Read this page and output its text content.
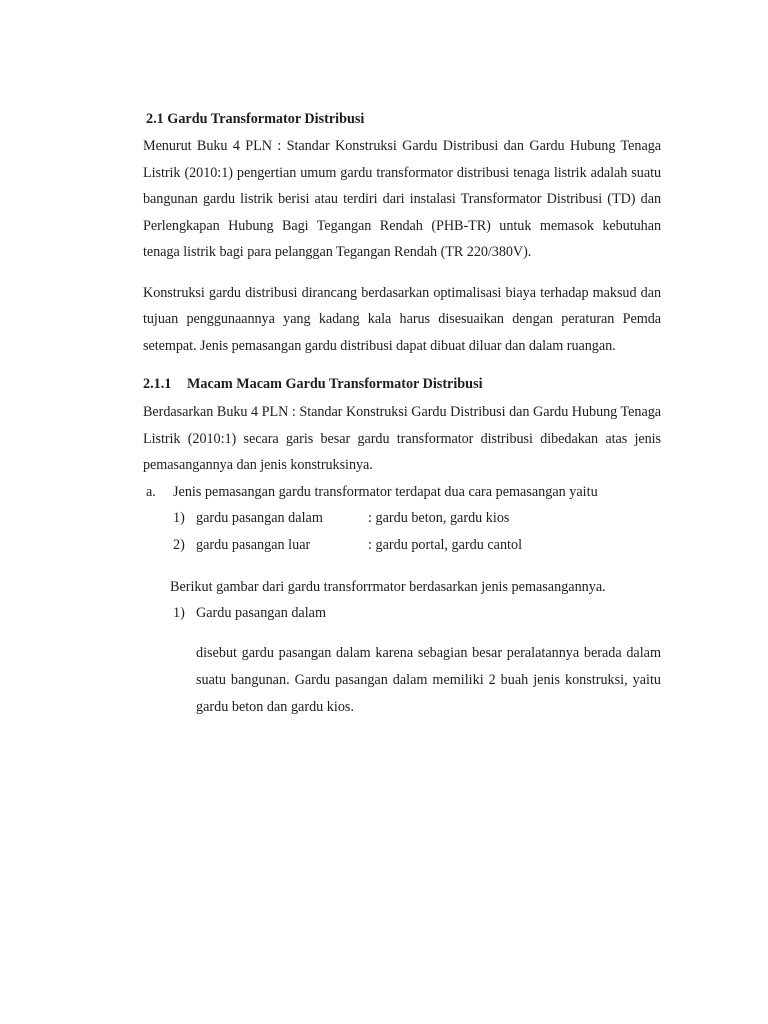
2.1 Gardu Transformator Distribusi

Menurut Buku 4 PLN : Standar Konstruksi Gardu Distribusi dan Gardu Hubung Tenaga Listrik (2010:1) pengertian umum gardu transformator distribusi tenaga listrik adalah suatu bangunan gardu listrik berisi atau terdiri dari instalasi Transformator Distribusi (TD) dan Perlengkapan Hubung Bagi Tegangan Rendah (PHB-TR) untuk memasok kebutuhan tenaga listrik bagi para pelanggan Tegangan Rendah (TR 220/380V).

Konstruksi gardu distribusi dirancang berdasarkan optimalisasi biaya terhadap maksud dan tujuan penggunaannya yang kadang kala harus disesuaikan dengan peraturan Pemda setempat. Jenis pemasangan gardu distribusi dapat dibuat diluar dan dalam ruangan.

2.1.1 Macam Macam Gardu Transformator Distribusi

Berdasarkan Buku 4 PLN : Standar Konstruksi Gardu Distribusi dan Gardu Hubung Tenaga Listrik (2010:1) secara garis besar gardu transformator distribusi dibedakan atas jenis pemasangannya dan jenis konstruksinya.

a. Jenis pemasangan gardu transformator terdapat dua cara pemasangan yaitu
1) gardu pasangan dalam	: gardu beton, gardu kios
2) gardu pasangan luar	: gardu portal, gardu cantol
Berikut gambar dari gardu transforrmator berdasarkan jenis pemasangannya.
1) Gardu pasangan dalam

disebut gardu pasangan dalam karena sebagian besar peralatannya berada dalam suatu bangunan. Gardu pasangan dalam memiliki 2 buah jenis konstruksi, yaitu gardu beton dan gardu kios.
